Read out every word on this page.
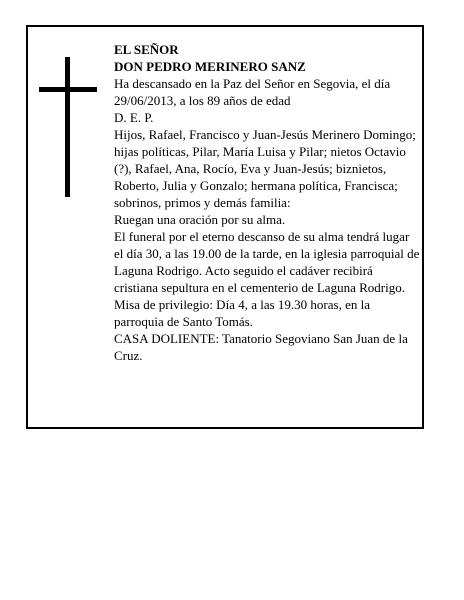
EL SEÑOR

DON PEDRO MERINERO SANZ

Ha descansado en la Paz del Señor en Segovia, el día 29/06/2013, a los 89 años de edad

D. E. P.

Hijos, Rafael, Francisco y Juan-Jesús Merinero Domingo; hijas políticas, Pilar, María Luisa y Pilar; nietos Octavio (?), Rafael, Ana, Rocío, Eva y Juan-Jesús; biznietos, Roberto, Julia y Gonzalo; hermana política, Francisca; sobrinos, primos y demás familia:

Ruegan una oración por su alma.

El funeral por el eterno descanso de su alma tendrá lugar el día 30, a las 19.00 de la tarde, en la iglesia parroquial de Laguna Rodrigo. Acto seguido el cadáver recibirá cristiana sepultura en el cementerio de Laguna Rodrigo.

Misa de privilegio: Día 4, a las 19.30 horas, en la parroquia de Santo Tomás.

CASA DOLIENTE: Tanatorio Segoviano San Juan de la Cruz.
